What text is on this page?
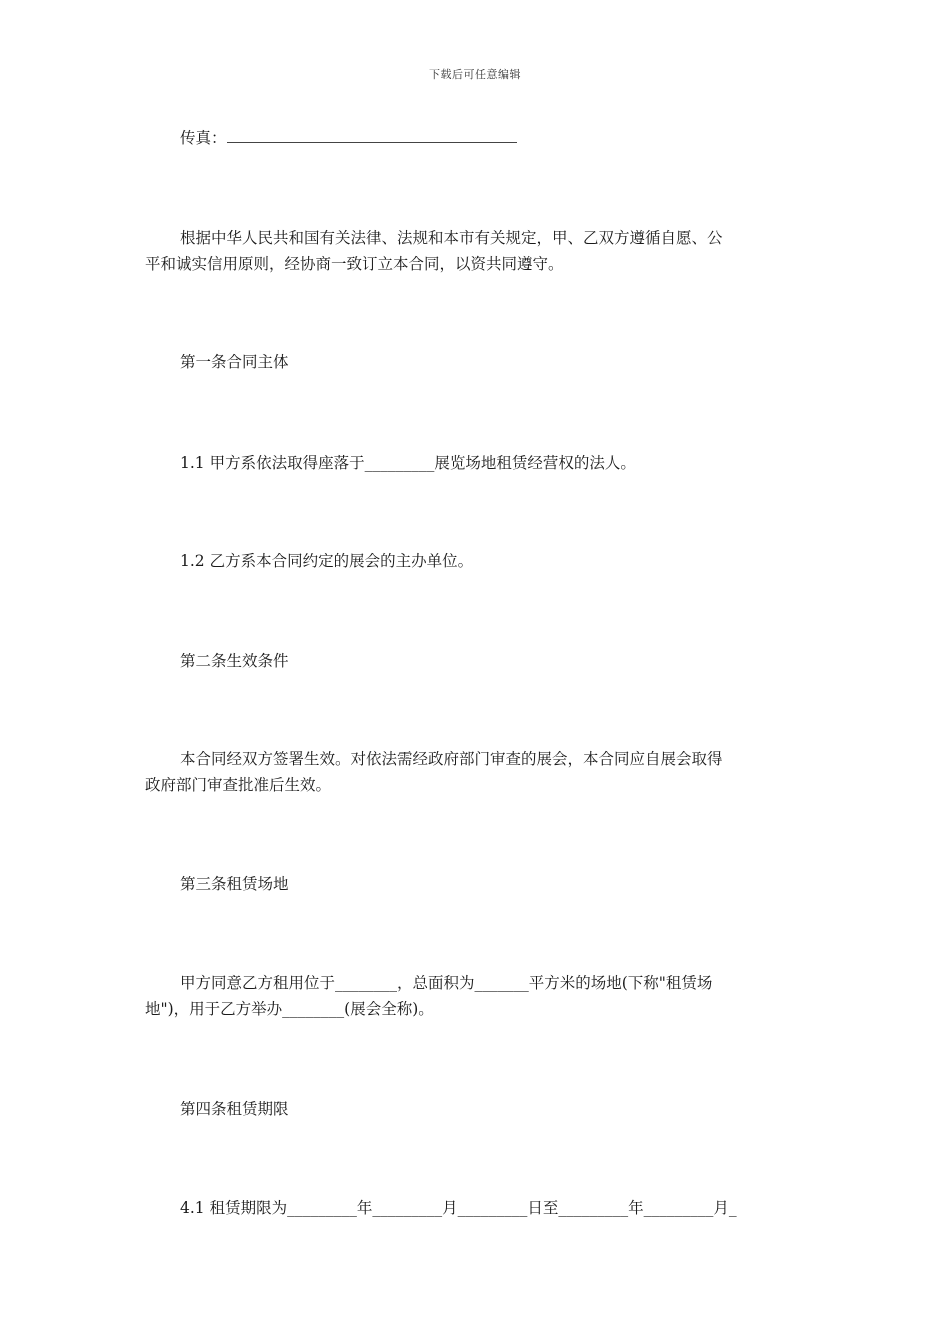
下载后可任意编辑
传真：
根据中华人民共和国有关法律、法规和本市有关规定，甲、乙双方遵循自愿、公
平和诚实信用原则，经协商一致订立本合同，以资共同遵守。
第一条合同主体
1.1 甲方系依法取得座落于_________展览场地租赁经营权的法人。
1.2 乙方系本合同约定的展会的主办单位。
第二条生效条件
本合同经双方签署生效。对依法需经政府部门审查的展会，本合同应自展会取得
政府部门审查批准后生效。
第三条租赁场地
甲方同意乙方租用位于________，总面积为_______平方米的场地(下称"租赁场
地")，用于乙方举办________(展会全称)。
第四条租赁期限
4.1 租赁期限为_________年_________月_________日至_________年_________月_
